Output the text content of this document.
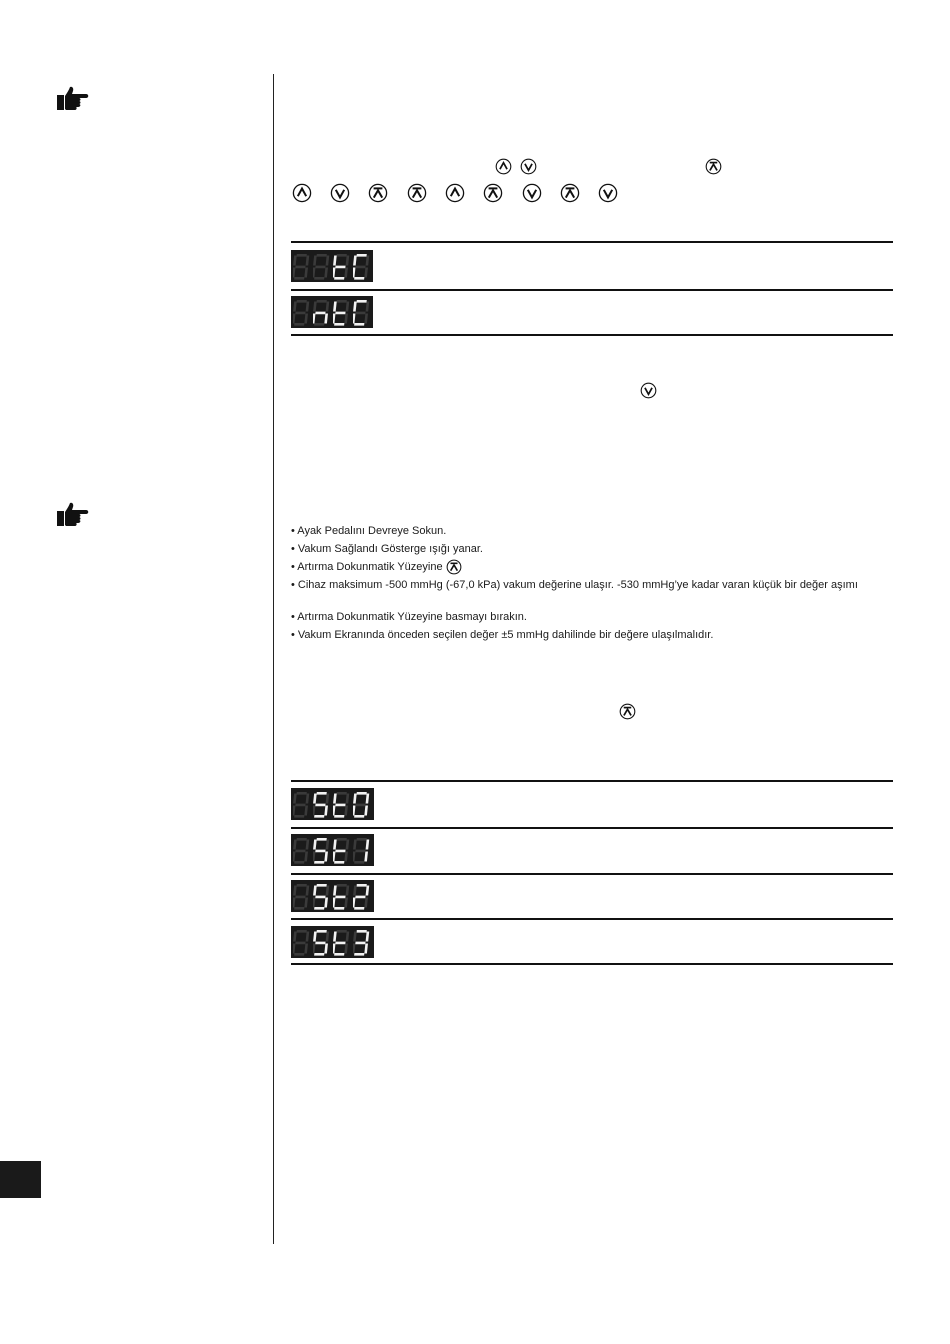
• Ayak Pedalını Devreye Sokun.
• Vakum Sağlandı Gösterge ışığı yanar.
• Artırma Dokunmatik Yüzeyine
• Cihaz maksimum -500 mmHg (-67,0 kPa) vakum değerine ulaşır. -530 mmHg’ye kadar varan küçük bir değer aşımı
• Artırma Dokunmatik Yüzeyine basmayı bırakın.
• Vakum Ekranında önceden seçilen değer ±5 mmHg dahilinde bir değere ulaşılmalıdır.
